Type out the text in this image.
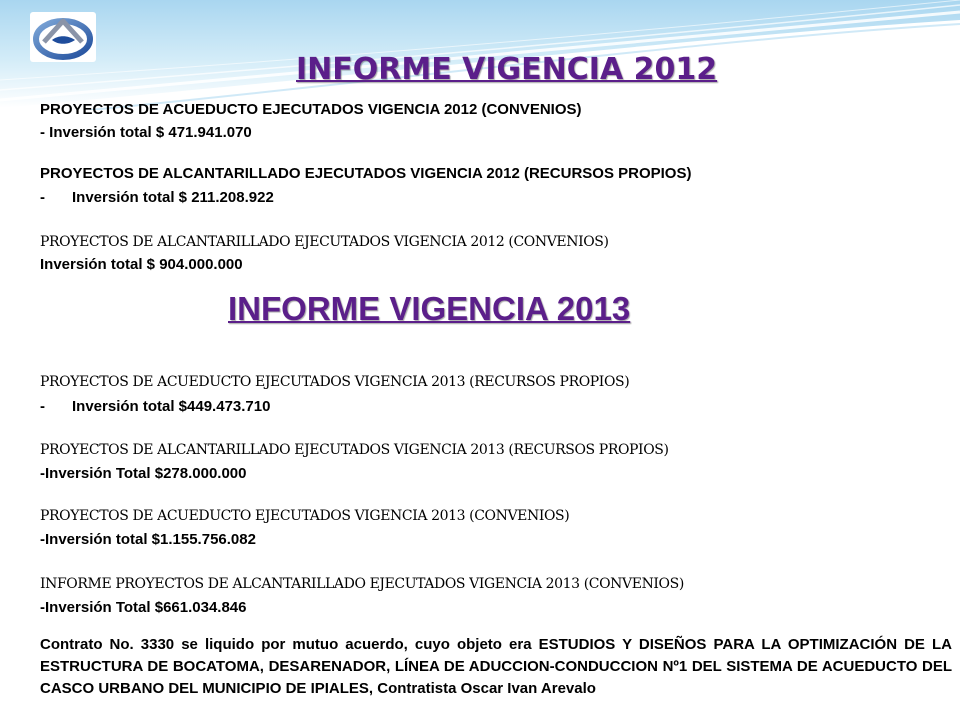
INFORME VIGENCIA 2012

PROYECTOS DE ACUEDUCTO EJECUTADOS VIGENCIA 2012 (CONVENIOS)

- Inversión total $ 471.941.070

PROYECTOS DE ALCANTARILLADO EJECUTADOS VIGENCIA 2012 (RECURSOS PROPIOS)

- Inversión total $ 211.208.922

PROYECTOS DE ALCANTARILLADO EJECUTADOS VIGENCIA 2012 (CONVENIOS)

Inversión total $ 904.000.000

INFORME VIGENCIA 2013

PROYECTOS DE ACUEDUCTO EJECUTADOS VIGENCIA 2013 (RECURSOS PROPIOS)

- Inversión total $449.473.710

PROYECTOS DE ALCANTARILLADO EJECUTADOS VIGENCIA 2013 (RECURSOS PROPIOS)

-Inversión Total $278.000.000

PROYECTOS DE ACUEDUCTO EJECUTADOS VIGENCIA 2013 (CONVENIOS)

-Inversión total $1.155.756.082

INFORME PROYECTOS DE ALCANTARILLADO EJECUTADOS VIGENCIA 2013 (CONVENIOS)

-Inversión Total $661.034.846

Contrato No. 3330 se liquido por mutuo acuerdo, cuyo objeto era ESTUDIOS Y DISEÑOS PARA LA OPTIMIZACIÓN DE LA ESTRUCTURA DE BOCATOMA, DESARENADOR, LÍNEA DE ADUCCION-CONDUCCION Nº1 DEL SISTEMA DE ACUEDUCTO DEL CASCO URBANO DEL MUNICIPIO DE IPIALES, Contratista Oscar Ivan Arevalo
